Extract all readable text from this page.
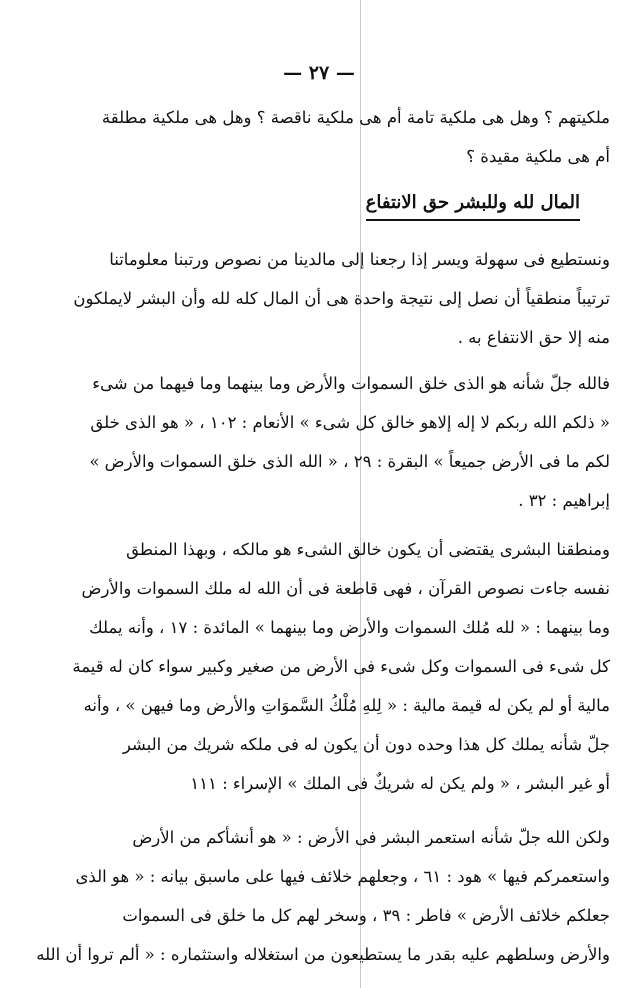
— ٢٧ —
ملكيتهم ؟ وهل هى ملكية تامة أم هى ملكية ناقصة ؟ وهل هى ملكية مطلقة
أم هى ملكية مقيدة ؟
المال لله وللبشر حق الانتفاع
ونستطيع فى سهولة ويسر إذا رجعنا إلى مالدينا من نصوص ورتبنا معلوماتنا
ترتيباً منطقياً أن نصل إلى نتيجة واحدة هى أن المال كله لله وأن البشر لايملكون
منه إلا حق الانتفاع به .
فالله جلّ شأنه هو الذى خلق السموات والأرض وما بينهما وما فيهما من شىء
« ذلكم الله ربكم لا إله إلاهو خالق كل شىء » الأنعام : ١٠٢ ، « هو الذى خلق
لكم ما فى الأرض جميعاً » البقرة : ٢٩ ، « الله الذى خلق السموات والأرض »
إبراهيم : ٣٢ .
ومنطقنا البشرى يقتضى أن يكون خالق الشىء هو مالكه ، وبهذا المنطق
نفسه جاءت نصوص القرآن ، فهى قاطعة فى أن الله له ملك السموات والأرض
وما بينهما : « لله مُلك السموات والأرض وما بينهما » المائدة : ١٧ ، وأنه يملك
كل شىء فى السموات وكل شىء فى الأرض من صغير وكبير سواء كان له قيمة
مالية أو لم يكن له قيمة مالية : « لِلهِ مُلْكُ السَّموَاتِ والأرض وما فيهن » ، وأنه
جلّ شأنه يملك كل هذا وحده دون أن يكون له فى ملكه شريك من البشر
أو غير البشر ، « ولم يكن له شريكٌ فى الملك » الإسراء : ١١١
ولكن الله جلّ شأنه استعمر البشر فى الأرض : « هو أنشأكم من الأرض
واستعمركم فيها » هود : ٦١ ، وجعلهم خلائف فيها على ماسبق بيانه : « هو الذى
جعلكم خلائف الأرض » فاطر : ٣٩ ، وسخر لهم كل ما خلق فى السموات
والأرض وسلطهم عليه بقدر ما يستطيعون من استغلاله واستثماره : « ألم تروا أن الله
